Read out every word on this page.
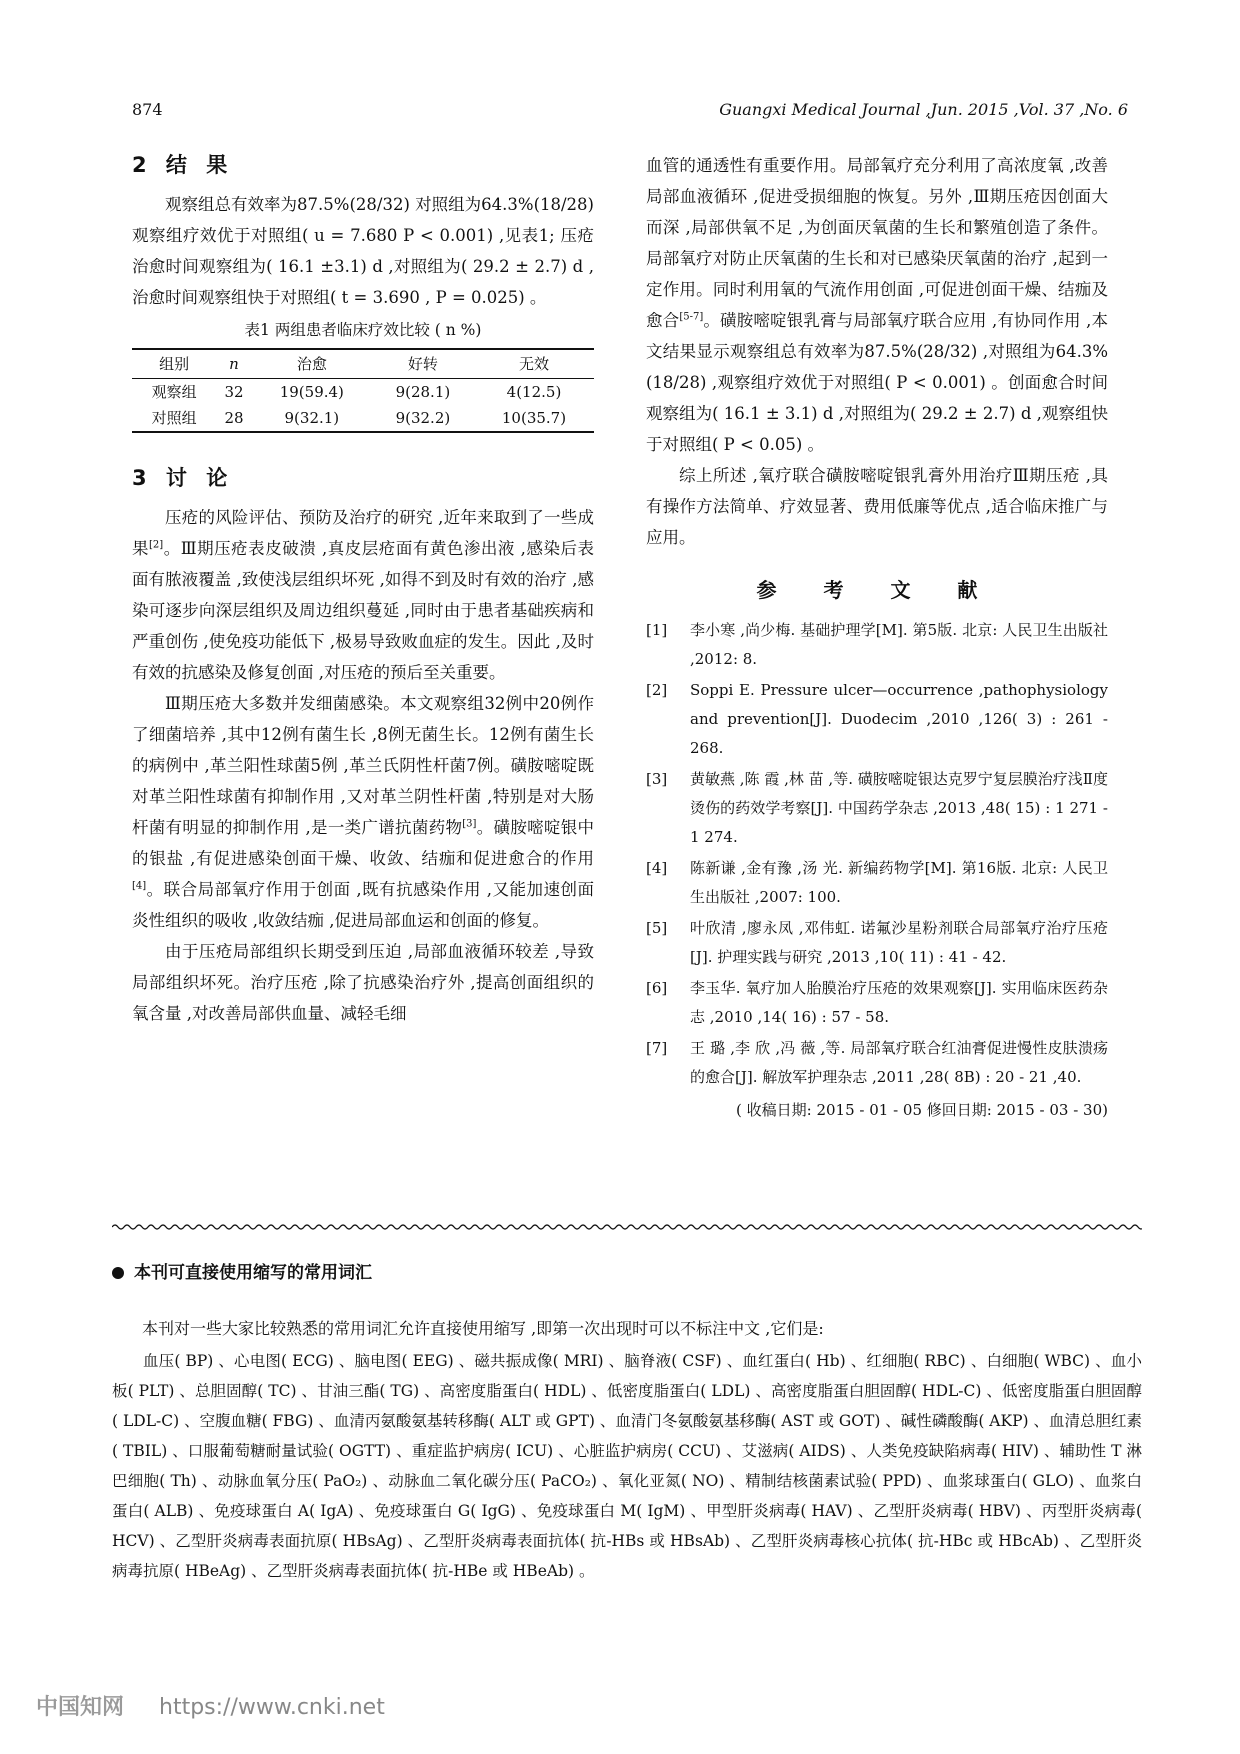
874	Guangxi Medical Journal ,Jun. 2015 ,Vol. 37 ,No. 6
2 结 果

观察组总有效率为87.5%(28/32) 对照组为64.3%(18/28) 观察组疗效优于对照组( u = 7.680 P < 0.001) ,见表1; 压疮治愈时间观察组为( 16.1 ±3.1) d ,对照组为( 29.2 ± 2.7) d ,治愈时间观察组快于对照组( t = 3.690 , P = 0.025) 。

表1 两组患者临床疗效比较 ( n %)
组别	n	治愈	好转	无效
观察组	32	19(59.4)	9(28.1)	4(12.5)
对照组	28	9(32.1)	9(32.2)	10(35.7)
3 讨 论

压疮的风险评估、预防及治疗的研究 ,近年来取到了一些成果[2]。Ⅲ期压疮表皮破溃 ,真皮层疮面有黄色渗出液 ,感染后表面有脓液覆盖 ,致使浅层组织坏死 ,如得不到及时有效的治疗 ,感染可逐步向深层组织及周边组织蔓延 ,同时由于患者基础疾病和严重创伤 ,使免疫功能低下 ,极易导致败血症的发生。因此 ,及时有效的抗感染及修复创面 ,对压疮的预后至关重要。

Ⅲ期压疮大多数并发细菌感染。本文观察组32例中20例作了细菌培养 ,其中12例有菌生长 ,8例无菌生长。12例有菌生长的病例中 ,革兰阳性球菌5例 ,革兰氏阴性杆菌7例。磺胺嘧啶既对革兰阳性球菌有抑制作用 ,又对革兰阴性杆菌 ,特别是对大肠杆菌有明显的抑制作用 ,是一类广谱抗菌药物[3]。磺胺嘧啶银中的银盐 ,有促进感染创面干燥、收敛、结痂和促进愈合的作用[4]。联合局部氧疗作用于创面 ,既有抗感染作用 ,又能加速创面炎性组织的吸收 ,收敛结痂 ,促进局部血运和创面的修复。

由于压疮局部组织长期受到压迫 ,局部血液循环较差 ,导致局部组织坏死。治疗压疮 ,除了抗感染治疗外 ,提高创面组织的氧含量 ,对改善局部供血量、减轻毛细

血管的通透性有重要作用。局部氧疗充分利用了高浓度氧 ,改善局部血液循环 ,促进受损细胞的恢复。另外 ,Ⅲ期压疮因创面大而深 ,局部供氧不足 ,为创面厌氧菌的生长和繁殖创造了条件。局部氧疗对防止厌氧菌的生长和对已感染厌氧菌的治疗 ,起到一定作用。同时利用氧的气流作用创面 ,可促进创面干燥、结痂及愈合[5-7]。磺胺嘧啶银乳膏与局部氧疗联合应用 ,有协同作用 ,本文结果显示观察组总有效率为87.5%(28/32) ,对照组为64.3%(18/28) ,观察组疗效优于对照组( P < 0.001) 。创面愈合时间观察组为( 16.1 ± 3.1) d ,对照组为( 29.2 ± 2.7) d ,观察组快于对照组( P < 0.05) 。

综上所述 ,氧疗联合磺胺嘧啶银乳膏外用治疗Ⅲ期压疮 ,具有操作方法简单、疗效显著、费用低廉等优点 ,适合临床推广与应用。

参 考 文 献
[1] 李小寒 ,尚少梅. 基础护理学[M]. 第5版. 北京: 人民卫生出版社 ,2012: 8.
[2] Soppi E. Pressure ulcer—occurrence ,pathophysiology and prevention[J]. Duodecim ,2010 ,126( 3) : 261 - 268.
[3] 黄敏燕 ,陈 霞 ,林 苗 ,等. 磺胺嘧啶银达克罗宁复层膜治疗浅Ⅱ度烫伤的药效学考察[J]. 中国药学杂志 ,2013 ,48( 15) : 1 271 - 1 274.
[4] 陈新谦 ,金有豫 ,汤 光. 新编药物学[M]. 第16版. 北京: 人民卫生出版社 ,2007: 100.
[5] 叶欣清 ,廖永凤 ,邓伟虹. 诺氟沙星粉剂联合局部氧疗治疗压疮[J]. 护理实践与研究 ,2013 ,10( 11) : 41 - 42.
[6] 李玉华. 氧疗加人胎膜治疗压疮的效果观察[J]. 实用临床医药杂志 ,2010 ,14( 16) : 57 - 58.
[7] 王 璐 ,李 欣 ,冯 薇 ,等. 局部氧疗联合红油膏促进慢性皮肤溃疡的愈合[J]. 解放军护理杂志 ,2011 ,28( 8B) : 20 - 21 ,40.
( 收稿日期: 2015 - 01 - 05 修回日期: 2015 - 03 - 30)
本刊可直接使用缩写的常用词汇
本刊对一些大家比较熟悉的常用词汇允许直接使用缩写 ,即第一次出现时可以不标注中文 ,它们是:
血压( BP) 、心电图( ECG) 、脑电图( EEG) 、磁共振成像( MRI) 、脑脊液( CSF) 、血红蛋白( Hb) 、红细胞( RBC) 、白细胞( WBC) 、血小板( PLT) 、总胆固醇( TC) 、甘油三酯( TG) 、高密度脂蛋白( HDL) 、低密度脂蛋白( LDL) 、高密度脂蛋白胆固醇( HDL-C) 、低密度脂蛋白胆固醇( LDL-C) 、空腹血糖( FBG) 、血清丙氨酸氨基转移酶( ALT 或 GPT) 、血清门冬氨酸氨基移酶( AST 或 GOT) 、碱性磷酸酶( AKP) 、血清总胆红素( TBIL) 、口服葡萄糖耐量试验( OGTT) 、重症监护病房( ICU) 、心脏监护病房( CCU) 、艾滋病( AIDS) 、人类免疫缺陷病毒( HIV) 、辅助性 T 淋巴细胞( Th) 、动脉血氧分压( PaO₂) 、动脉血二氧化碳分压( PaCO₂) 、氧化亚氮( NO) 、精制结核菌素试验( PPD) 、血浆球蛋白( GLO) 、血浆白蛋白( ALB) 、免疫球蛋白 A( IgA) 、免疫球蛋白 G( IgG) 、免疫球蛋白 M( IgM) 、甲型肝炎病毒( HAV) 、乙型肝炎病毒( HBV) 、丙型肝炎病毒( HCV) 、乙型肝炎病毒表面抗原( HBsAg) 、乙型肝炎病毒表面抗体( 抗-HBs 或 HBsAb) 、乙型肝炎病毒核心抗体( 抗-HBc 或 HBcAb) 、乙型肝炎病毒抗原( HBeAg) 、乙型肝炎病毒表面抗体( 抗-HBe 或 HBeAb) 。
中国知网 https://www.cnki.net
